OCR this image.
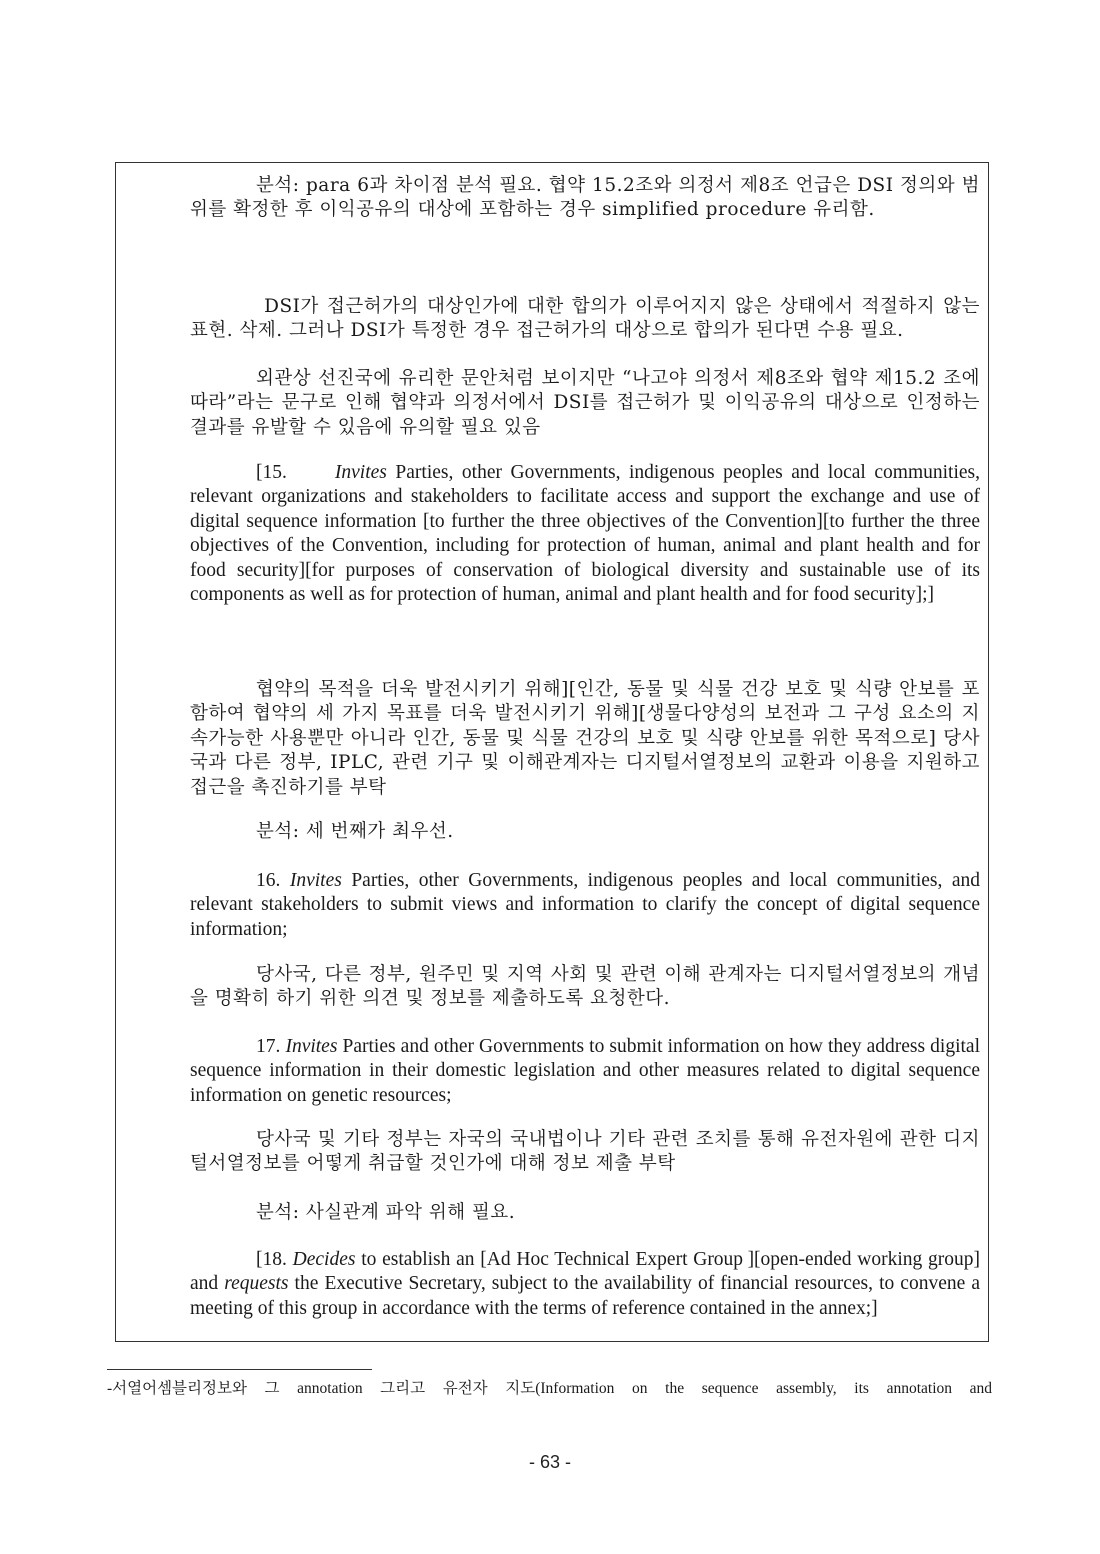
분석: para 6과 차이점 분석 필요. 협약 15.2조와 의정서 제8조 언급은 DSI 정의와 범위를 확정한 후 이익공유의 대상에 포함하는 경우 simplified procedure 유리함.

DSI가 접근허가의 대상인가에 대한 합의가 이루어지지 않은 상태에서 적절하지 않는 표현. 삭제. 그러나 DSI가 특정한 경우 접근허가의 대상으로 합의가 된다면 수용 필요.

외관상 선진국에 유리한 문안처럼 보이지만 “나고야 의정서 제8조와 협약 제15.2 조에 따라”라는 문구로 인해 협약과 의정서에서 DSI를 접근허가 및 이익공유의 대상으로 인정하는 결과를 유발할 수 있음에 유의할 필요 있음

[15. Invites Parties, other Governments, indigenous peoples and local communities, relevant organizations and stakeholders to facilitate access and support the exchange and use of digital sequence information [to further the three objectives of the Convention][to further the three objectives of the Convention, including for protection of human, animal and plant health and for food security][for purposes of conservation of biological diversity and sustainable use of its components as well as for protection of human, animal and plant health and for food security];]

협약의 목적을 더욱 발전시키기 위해][인간, 동물 및 식물 건강 보호 및 식량 안보를 포함하여 협약의 세 가지 목표를 더욱 발전시키기 위해][생물다양성의 보전과 그 구성 요소의 지속가능한 사용뿐만 아니라 인간, 동물 및 식물 건강의 보호 및 식량 안보를 위한 목적으로] 당사국과 다른 정부, IPLC, 관련 기구 및 이해관계자는 디지털서열정보의 교환과 이용을 지원하고 접근을 촉진하기를 부탁

분석: 세 번째가 최우선.

16. Invites Parties, other Governments, indigenous peoples and local communities, and relevant stakeholders to submit views and information to clarify the concept of digital sequence information;

당사국, 다른 정부, 원주민 및 지역 사회 및 관련 이해 관계자는 디지털서열정보의 개념을 명확히 하기 위한 의견 및 정보를 제출하도록 요청한다.

17. Invites Parties and other Governments to submit information on how they address digital sequence information in their domestic legislation and other measures related to digital sequence information on genetic resources;

당사국 및 기타 정부는 자국의 국내법이나 기타 관련 조치를 통해 유전자원에 관한 디지털서열정보를 어떻게 취급할 것인가에 대해 정보 제출 부탁

분석: 사실관계 파악 위해 필요.

[18. Decides to establish an [Ad Hoc Technical Expert Group$^1$][open-ended working group] and requests the Executive Secretary, subject to the availability of financial resources, to convene a meeting of this group in accordance with the terms of reference contained in the annex;]

-서열어셈블리정보와 그 annotation 그리고 유전자 지도(Information on the sequence assembly, its annotation and
- 63 -
